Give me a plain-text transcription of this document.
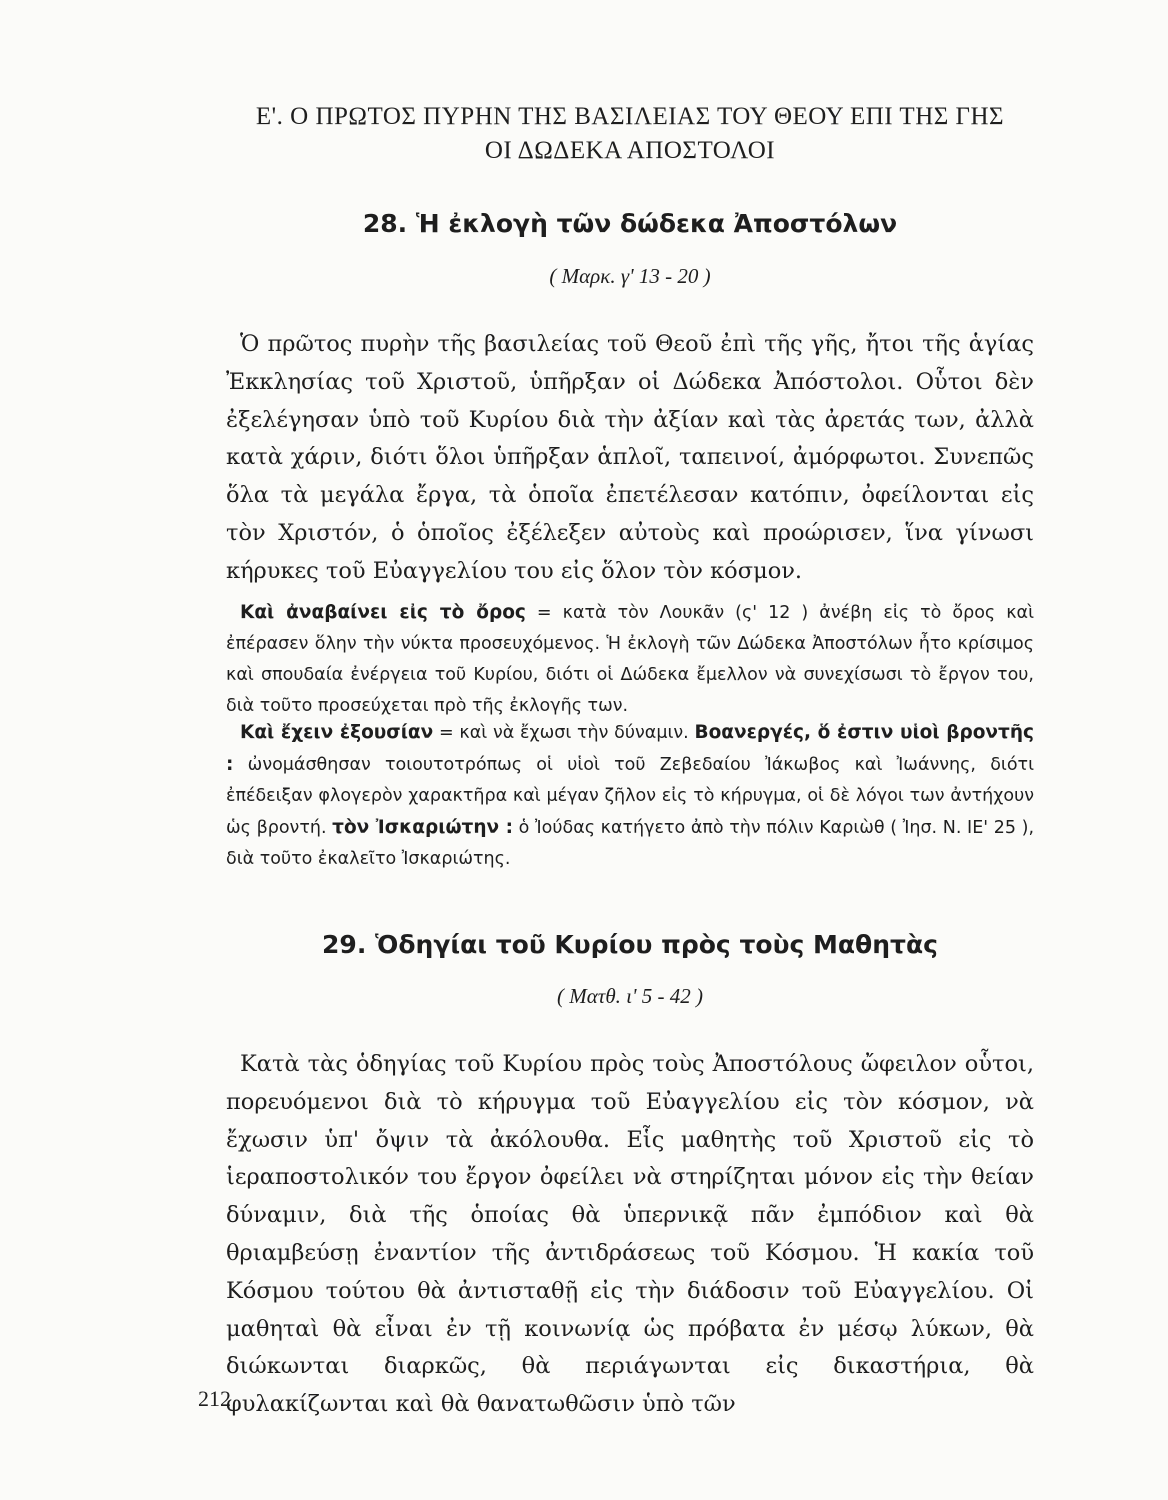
Ε'. Ο ΠΡΩΤΟΣ ΠΥΡΗΝ ΤΗΣ ΒΑΣΙΛΕΙΑΣ ΤΟΥ ΘΕΟΥ ΕΠΙ ΤΗΣ ΓΗΣ
ΟΙ ΔΩΔΕΚΑ ΑΠΟΣΤΟΛΟΙ
28. Ἡ ἐκλογὴ τῶν δώδεκα Ἀποστόλων
( Μαρκ. γ' 13 - 20 )
Ὁ πρῶτος πυρὴν τῆς βασιλείας τοῦ Θεοῦ ἐπὶ τῆς γῆς, ἤτοι τῆς ἁγίας Ἐκκλησίας τοῦ Χριστοῦ, ὑπῆρξαν οἱ Δώδεκα Ἀπόστολοι. Οὗτοι δὲν ἐξελέγησαν ὑπὸ τοῦ Κυρίου διὰ τὴν ἀξίαν καὶ τὰς ἀρετάς των, ἀλλὰ κατὰ χάριν, διότι ὅλοι ὑπῆρξαν ἁπλοῖ, ταπεινοί, ἀμόρφωτοι. Συνεπῶς ὅλα τὰ μεγάλα ἔργα, τὰ ὁποῖα ἐπετέλεσαν κατόπιν, ὀφείλονται εἰς τὸν Χριστόν, ὁ ὁποῖος ἐξέλεξεν αὐτοὺς καὶ προώρισεν, ἵνα γίνωσι κήρυκες τοῦ Εὐαγγελίου του εἰς ὅλον τὸν κόσμον.
Καὶ ἀναβαίνει εἰς τὸ ὄρος = κατὰ τὸν Λουκᾶν (ς' 12 ) ἀνέβη εἰς τὸ ὄρος καὶ ἐπέρασεν ὅλην τὴν νύκτα προσευχόμενος. Ἡ ἐκλογὴ τῶν Δώδεκα Ἀποστόλων ἦτο κρίσιμος καὶ σπουδαία ἐνέργεια τοῦ Κυρίου, διότι οἱ Δώδεκα ἔμελλον νὰ συνεχίσωσι τὸ ἔργον του, διὰ τοῦτο προσεύχεται πρὸ τῆς ἐκλογῆς των.
Καὶ ἔχειν ἐξουσίαν = καὶ νὰ ἔχωσι τὴν δύναμιν. Βοανεργές, ὅ ἐστιν υἱοὶ βροντῆς : ὠνομάσθησαν τοιουτοτρόπως οἱ υἱοὶ τοῦ Ζεβεδαίου Ἰάκωβος καὶ Ἰωάννης, διότι ἐπέδειξαν φλογερὸν χαρακτῆρα καὶ μέγαν ζῆλον εἰς τὸ κήρυγμα, οἱ δὲ λόγοι των ἀντήχουν ὡς βροντή. τὸν Ἰσκαριώτην : ὁ Ἰούδας κατήγετο ἀπὸ τὴν πόλιν Καριὼθ ( Ἰησ. Ν. ΙΕ' 25 ), διὰ τοῦτο ἐκαλεῖτο Ἰσκαριώτης.
29. Ὁδηγίαι τοῦ Κυρίου πρὸς τοὺς Μαθητὰς
( Ματθ. ι' 5 - 42 )
Κατὰ τὰς ὁδηγίας τοῦ Κυρίου πρὸς τοὺς Ἀποστόλους ὤφειλον οὗτοι, πορευόμενοι διὰ τὸ κήρυγμα τοῦ Εὐαγγελίου εἰς τὸν κόσμον, νὰ ἔχωσιν ὑπ' ὄψιν τὰ ἀκόλουθα. Εἷς μαθητὴς τοῦ Χριστοῦ εἰς τὸ ἱεραποστολικόν του ἔργον ὀφείλει νὰ στηρίζηται μόνον εἰς τὴν θείαν δύναμιν, διὰ τῆς ὁποίας θὰ ὑπερνικᾷ πᾶν ἐμπόδιον καὶ θὰ θριαμβεύσῃ ἐναντίον τῆς ἀντιδράσεως τοῦ Κόσμου. Ἡ κακία τοῦ Κόσμου τούτου θὰ ἀντισταθῇ εἰς τὴν διάδοσιν τοῦ Εὐαγγελίου. Οἱ μαθηταὶ θὰ εἶναι ἐν τῇ κοινωνίᾳ ὡς πρόβατα ἐν μέσῳ λύκων, θὰ διώκωνται διαρκῶς, θὰ περιάγωνται εἰς δικαστήρια, θὰ φυλακίζωνται καὶ θὰ θανατωθῶσιν ὑπὸ τῶν
212
